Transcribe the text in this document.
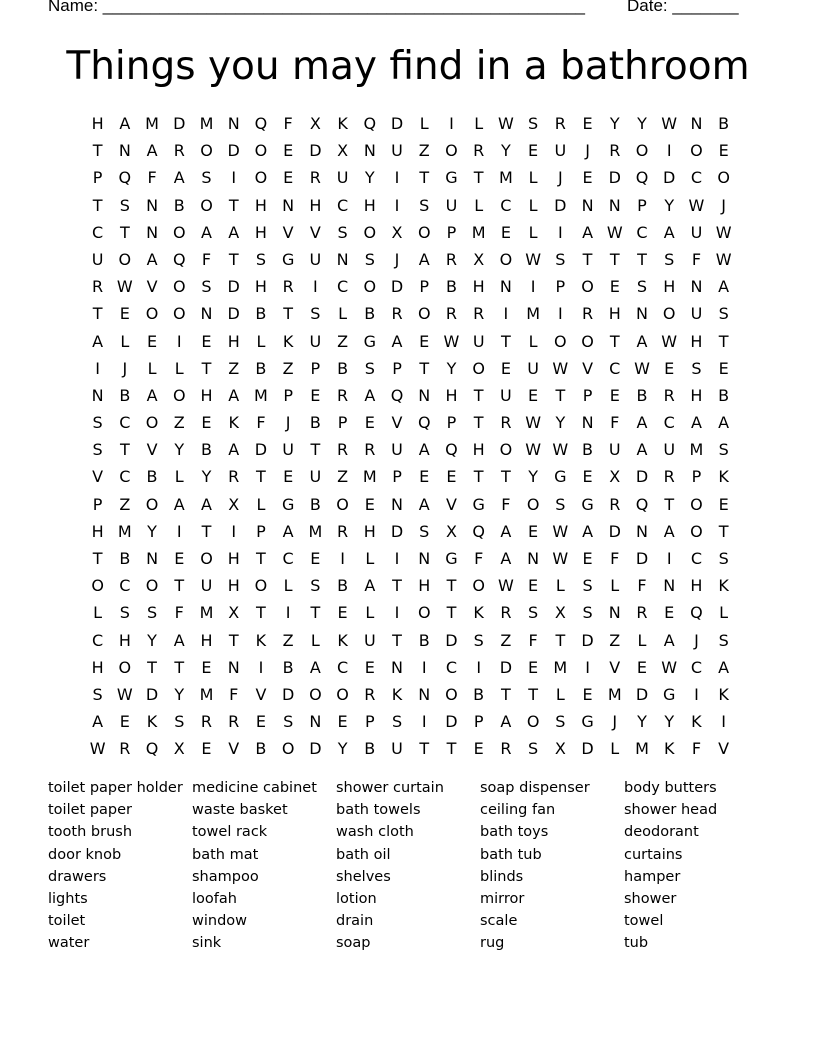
Name: ___________________________________________________ Date: _______
Things you may find in a bathroom
H A M D M N Q	F	X	K Q D	L	I	L W S	R	E	Y	Y W N B
T	N A	R O D O E	D X N U Z O R	Y	E	U	J	R O	I	O E
P	Q	F	A	S	I	O E	R U	Y	I	T	G	T M L	J	E	D Q D C O
T	S	N B O	T	H N H C H	I	S	U	L	C	L	D N N	P	Y W	J
C	T	N O A	A H V	V	S O X O	P M E	L	I	A W C	A U W
U O A Q	F	T	S G U N	S	J	A	R	X O W S	T	T	T	S	F W
R W V O S D H R	I	C O D	P	B H N	I	P	O E	S	H N A
T	E O O N D B	T	S	L	B	R O R	R	I	M	I	R H N O U	S
A	L	E	I	E	H	L	K	U Z G A	E W U	T	L	O O	T	A W H	T
I	J	L	L	T	Z	B	Z	P	B	S	P	T	Y	O E	U W V	C W E	S	E
N B	A O H A M P	E	R	A Q N H	T	U	E	T	P	E	B	R H B
S	C O Z	E	K	F	J	B	P	E	V Q	P	T	R W Y	N	F	A	C	A	A
S	T	V	Y	B	A D U	T	R	R U A Q H O W W B U A U M S
V	C	B	L	Y	R	T	E	U Z M P	E	E	T	T	Y	G E	X D R	P	K
P	Z O A	A	X	L	G B O E	N A	V G	F	O S G R Q	T	O E
H M Y	I	T	I	P	A M R H D S	X Q A	E W A D N A O	T
T	B N	E O H	T	C	E	I	L	I	N G	F	A N W E	F	D	I	C	S
O C O	T	U H O	L	S	B	A	T	H	T	O W E	L	S	L	F	N H K
L	S	S	F M X	T	I	T	E	L	I	O	T	K	R	S	X	S	N R	E Q	L
C H	Y	A H	T	K	Z	L	K	U	T	B D S	Z	F	T	D Z	L	A	J	S
H O	T	T	E	N	I	B	A	C	E	N	I	C	I	D	E M	I	V	E W C	A
S W D	Y M F	V D O O R	K N O B	T	T	L	E M D G	I	K
A	E	K	S	R	R	E	S	N	E	P	S	I	D	P	A O S G	J	Y	Y	K	I
W R Q X	E	V	B O D	Y	B U	T	T	E	R	S	X D	L M K	F	V
toilet paper holder
toilet paper
tooth brush
door knob
drawers
lights
toilet
water
medicine cabinet
waste basket
towel rack
bath mat
shampoo
loofah
window
sink
shower curtain
bath towels
wash cloth
bath oil
shelves
lotion
drain
soap
soap dispenser
ceiling fan
bath toys
bath tub
blinds
mirror
scale
rug
body butters
shower head
deodorant
curtains
hamper
shower
towel
tub
